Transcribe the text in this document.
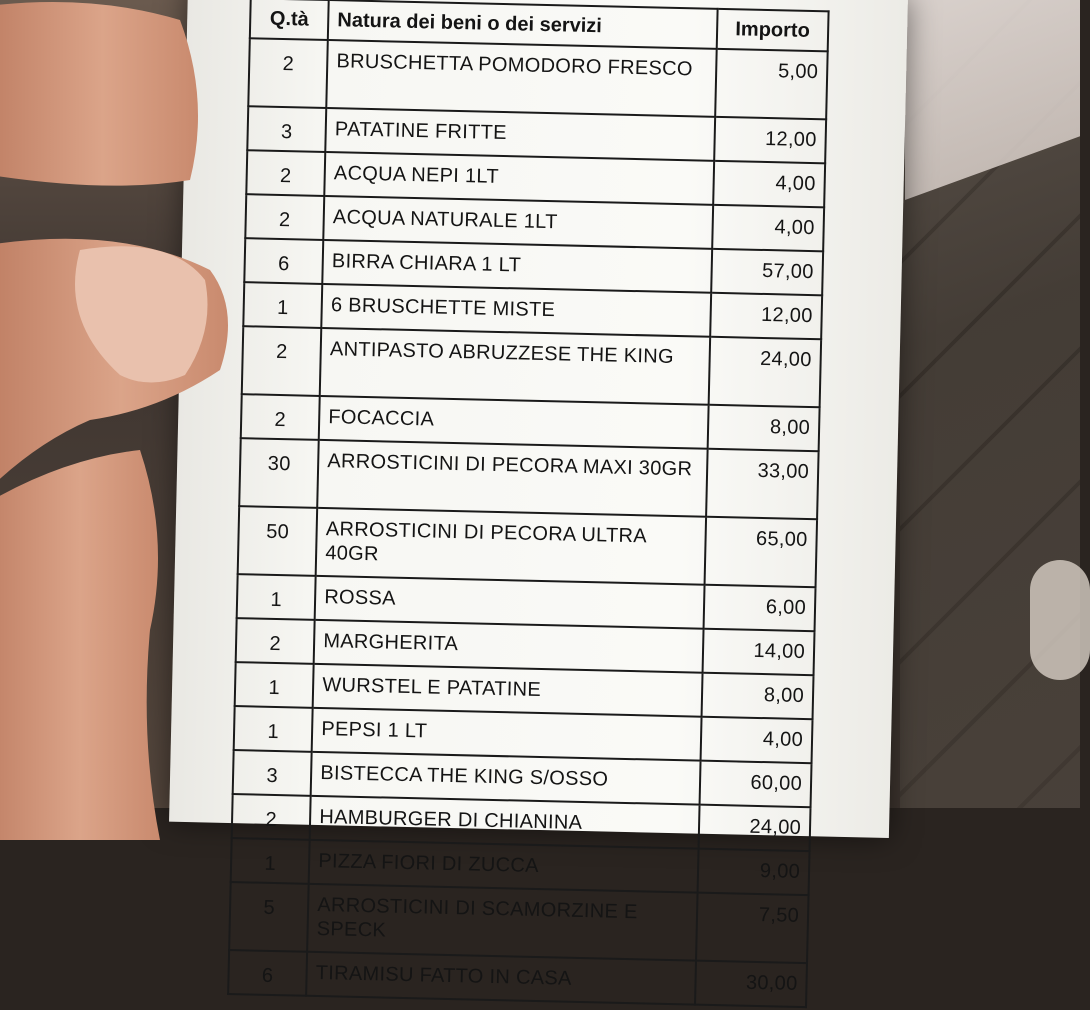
Q.tà	Natura dei beni o dei servizi	Importo
2	BRUSCHETTA POMODORO FRESCO	5,00
3	PATATINE FRITTE	12,00
2	ACQUA NEPI 1LT	4,00
2	ACQUA NATURALE 1LT	4,00
6	BIRRA CHIARA 1 LT	57,00
1	6 BRUSCHETTE MISTE	12,00
2	ANTIPASTO ABRUZZESE THE KING	24,00
2	FOCACCIA	8,00
30	ARROSTICINI DI PECORA MAXI 30GR	33,00
50	ARROSTICINI DI PECORA ULTRA 40GR	65,00
1	ROSSA	6,00
2	MARGHERITA	14,00
1	WURSTEL E PATATINE	8,00
1	PEPSI 1 LT	4,00
3	BISTECCA THE KING S/OSSO	60,00
2	HAMBURGER DI CHIANINA	24,00
1	PIZZA FIORI DI ZUCCA	9,00
5	ARROSTICINI DI SCAMORZINE E SPECK	7,50
6	TIRAMISU FATTO IN CASA	30,00
